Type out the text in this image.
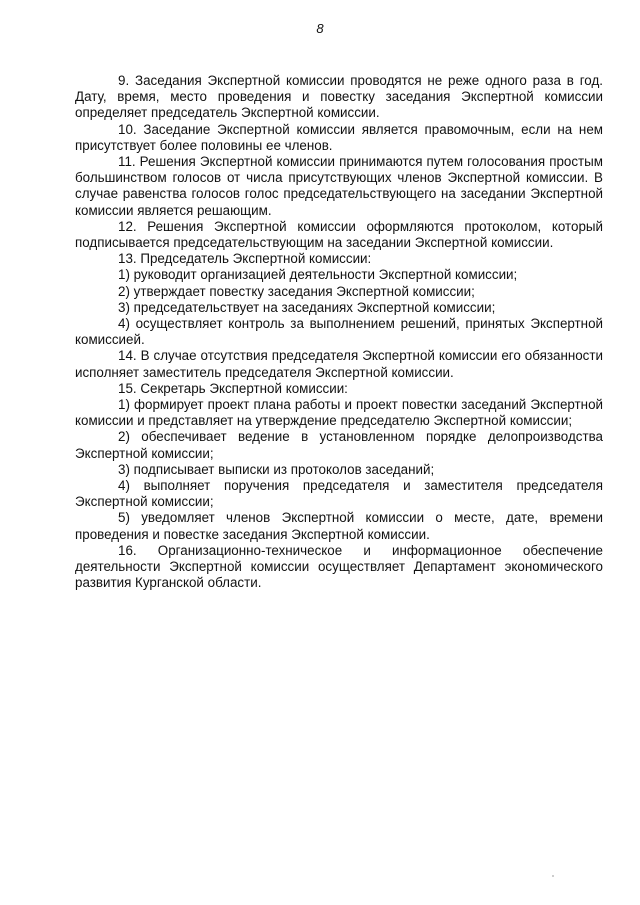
8

9. Заседания Экспертной комиссии проводятся не реже одного раза в год. Дату, время, место проведения и повестку заседания Экспертной комиссии определяет председатель Экспертной комиссии.

10. Заседание Экспертной комиссии является правомочным, если на нем присутствует более половины ее членов.

11. Решения Экспертной комиссии принимаются путем голосования простым большинством голосов от числа присутствующих членов Экспертной комиссии. В случае равенства голосов голос председательствующего на заседании Экспертной комиссии является решающим.

12. Решения Экспертной комиссии оформляются протоколом, который подписывается председательствующим на заседании Экспертной комиссии.

13. Председатель Экспертной комиссии:

1) руководит организацией деятельности Экспертной комиссии;

2) утверждает повестку заседания Экспертной комиссии;

3) председательствует на заседаниях Экспертной комиссии;

4) осуществляет контроль за выполнением решений, принятых Экспертной комиссией.

14. В случае отсутствия председателя Экспертной комиссии его обязанности исполняет заместитель председателя Экспертной комиссии.

15. Секретарь Экспертной комиссии:

1) формирует проект плана работы и проект повестки заседаний Экспертной комиссии и представляет на утверждение председателю Экспертной комиссии;

2) обеспечивает ведение в установленном порядке делопроизводства Экспертной комиссии;

3) подписывает выписки из протоколов заседаний;

4) выполняет поручения председателя и заместителя председателя Экспертной комиссии;

5) уведомляет членов Экспертной комиссии о месте, дате, времени проведения и повестке заседания Экспертной комиссии.

16. Организационно-техническое и информационное обеспечение деятельности Экспертной комиссии осуществляет Департамент экономического развития Курганской области.
